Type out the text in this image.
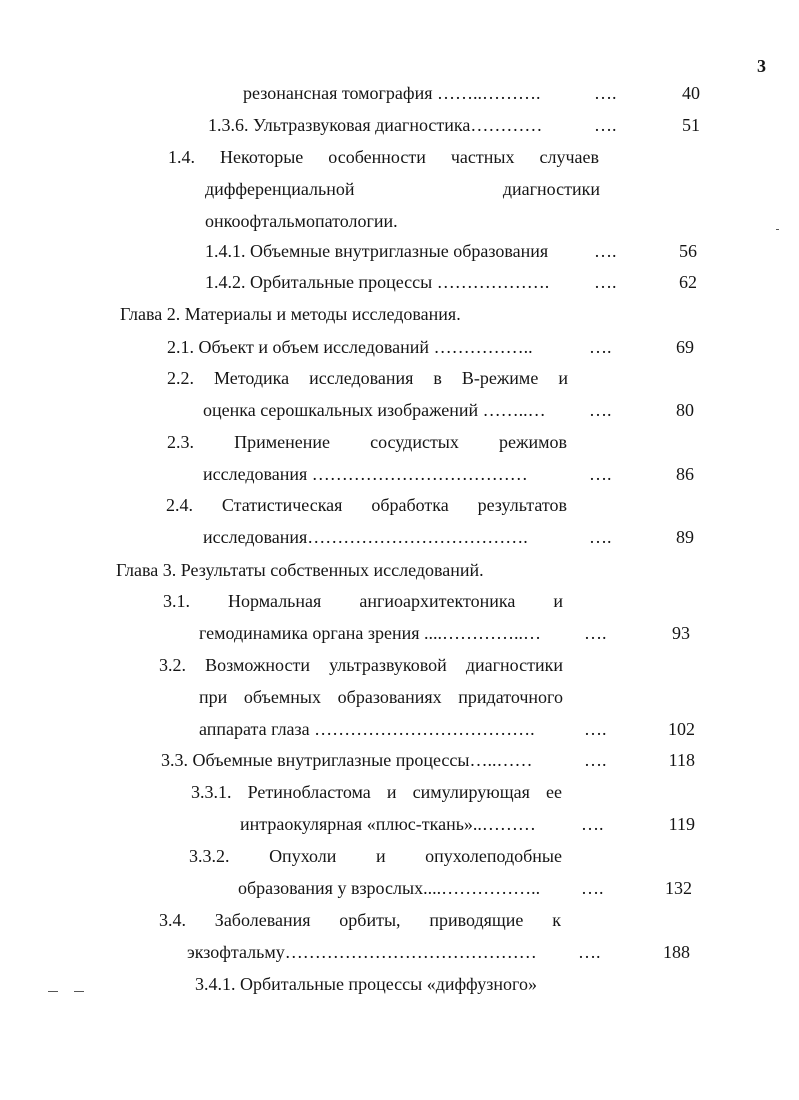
3
резонансная томография ……..……….	….	40
1.3.6. Ультразвуковая диагностика…………	….	51
1.4. Некоторые особенности частных случаев
дифференциальной	диагностики
онкоофтальмопатологии.
1.4.1. Объемные внутриглазные образования	….	56
1.4.2. Орбитальные процессы ………………. ….	62
Глава 2. Материалы и методы исследования.
2.1. Объект и объем исследований ……………..	….	69
2.2. Методика исследования в В-режиме и
оценка серошкальных изображений ……..… ….	80
2.3. Применение сосудистых режимов
исследования ………………………………	….	86
2.4. Статистическая обработка результатов
исследования……………………………….	….	89
Глава 3. Результаты собственных исследований.
3.1. Нормальная ангиоархитектоника и
гемодинамика органа зрения ....…………..… ….	93
3.2. Возможности ультразвуковой диагностики
при объемных образованиях придаточного
аппарата глаза ……………………………….	….	102
3.3. Объемные внутриглазные процессы…..……	….	118
3.3.1. Ретинобластома и симулирующая ее
интраокулярная «плюс-ткань»..………	….	119
3.3.2. Опухоли и опухолеподобные
образования у взрослых....…………….. ….	132
3.4. Заболевания орбиты, приводящие к
экзофтальму…………………………………… ….	188
3.4.1. Орбитальные процессы «диффузного»
